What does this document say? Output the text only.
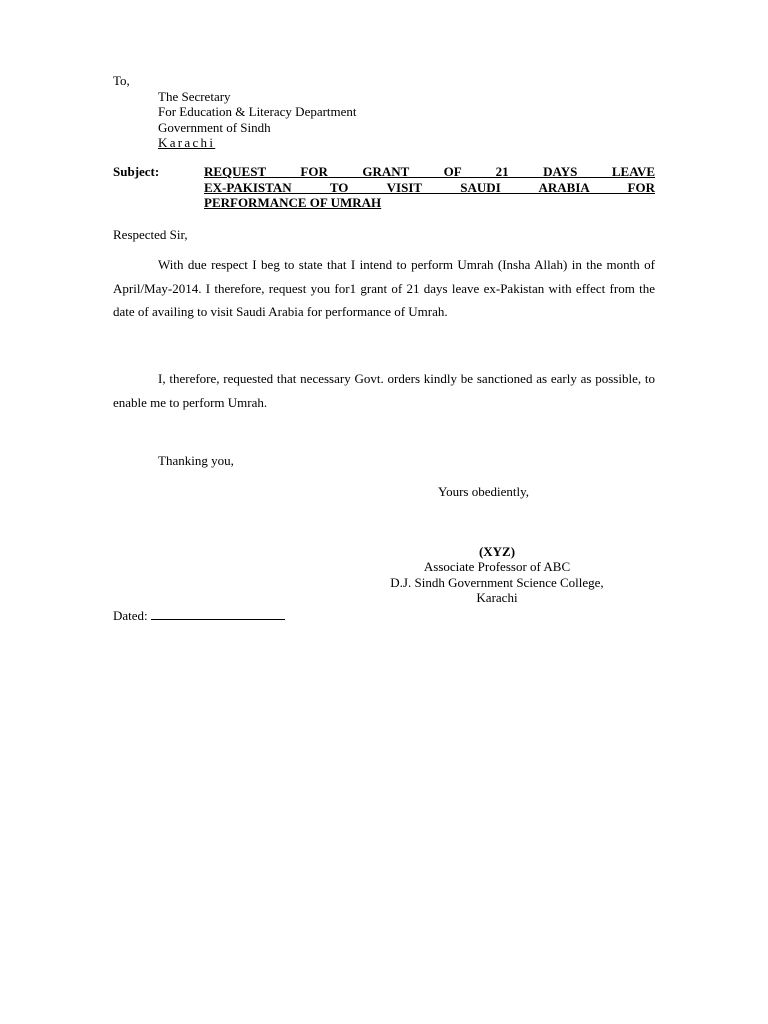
To,
The Secretary
For Education & Literacy Department
Government of Sindh
Karachi
Subject:	REQUEST FOR GRANT OF 21 DAYS LEAVE
EX-PAKISTAN TO VISIT SAUDI ARABIA FOR
PERFORMANCE OF UMRAH
Respected Sir,
With due respect I beg to state that I intend to perform Umrah (Insha Allah) in the month of April/May-2014. I therefore, request you for1 grant of 21 days leave ex-Pakistan with effect from the date of availing to visit Saudi Arabia for performance of Umrah.
I, therefore, requested that necessary Govt. orders kindly be sanctioned as early as possible, to enable me to perform Umrah.
Thanking you,
Yours obediently,
(XYZ)
Associate Professor of ABC
D.J. Sindh Government Science College,
Karachi
Dated:
